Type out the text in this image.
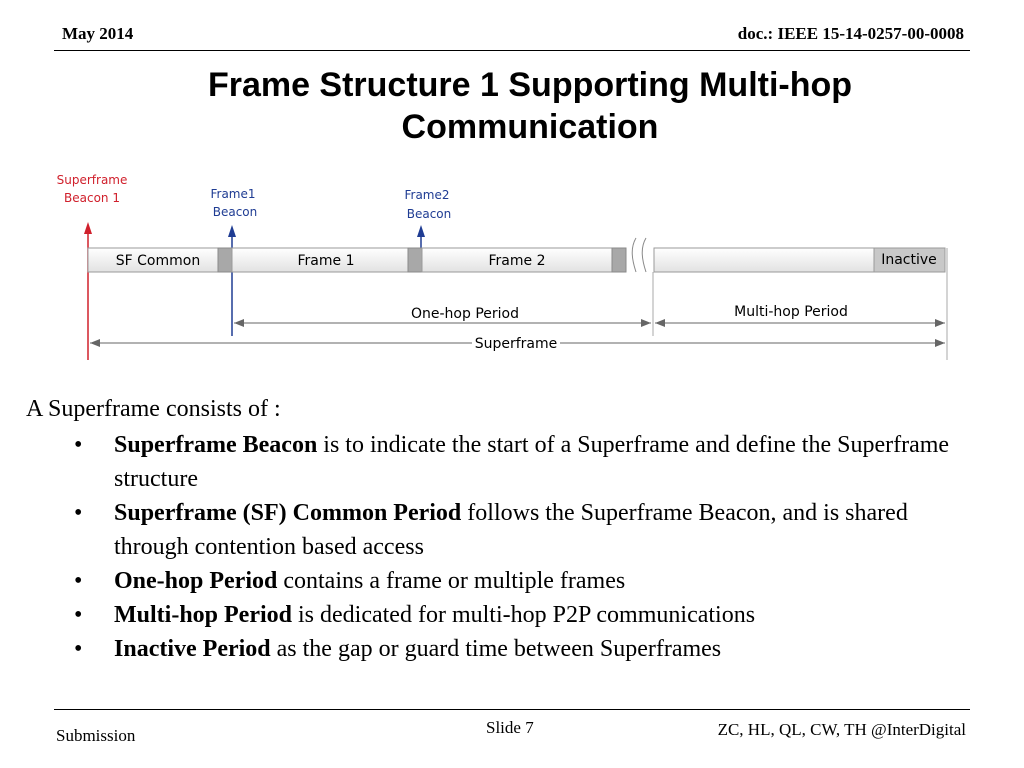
May 2014	doc.: IEEE 15-14-0257-00-0008
Frame Structure 1 Supporting Multi-hop Communication
Superframe
Beacon 1	Frame1
Beacon
Frame2
Beacon
SF Common	Frame 1	Frame 2	Inactive
One-hop Period	Multi-hop Period
Superframe

A Superframe consists of :

• Superframe Beacon is to indicate the start of a Superframe and define the Superframe structure
• Superframe (SF) Common Period follows the Superframe Beacon, and is shared through contention based access
• One-hop Period contains a frame or multiple frames
• Multi-hop Period is dedicated for multi-hop P2P communications
• Inactive Period as the gap or guard time between Superframes
Submission	Slide 7	ZC, HL, QL, CW, TH @InterDigital
